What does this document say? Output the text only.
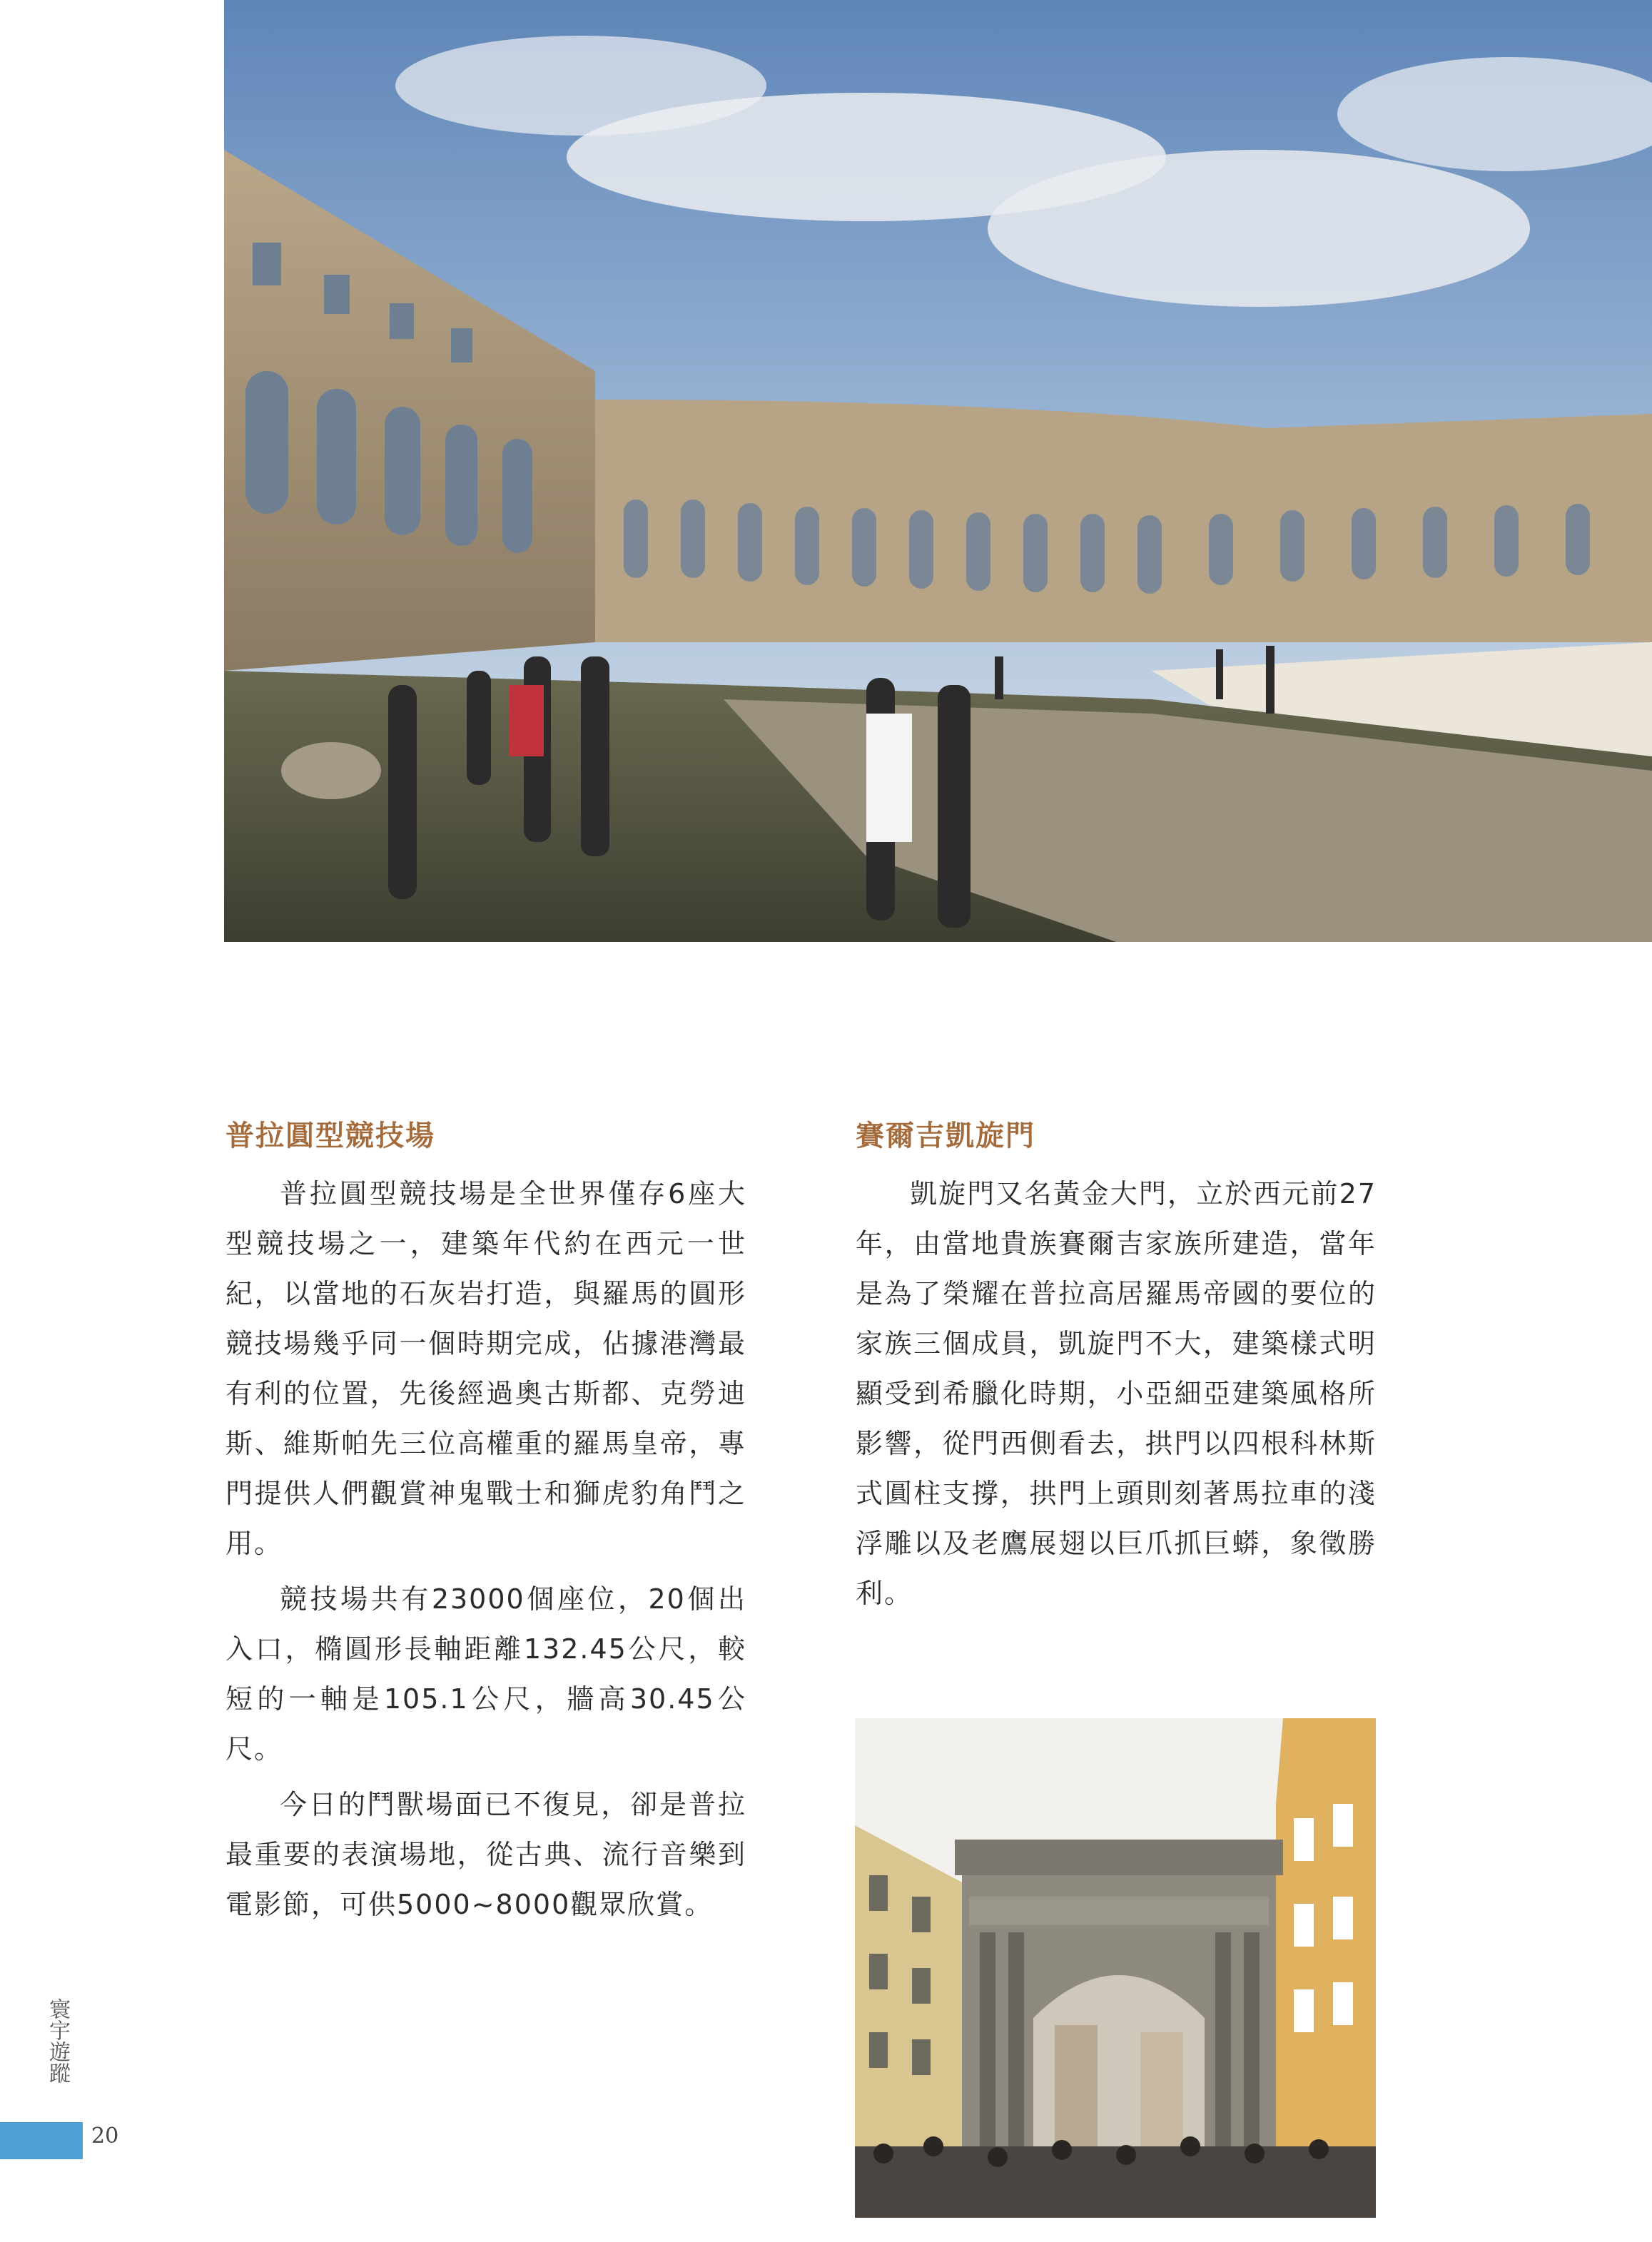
普拉圓型競技場

普拉圓型競技場是全世界僅存6座大型競技場之一，建築年代約在西元一世紀，以當地的石灰岩打造，與羅馬的圓形競技場幾乎同一個時期完成，佔據港灣最有利的位置，先後經過奧古斯都、克勞迪斯、維斯帕先三位高權重的羅馬皇帝，專門提供人們觀賞神鬼戰士和獅虎豹角鬥之用。

競技場共有23000個座位，20個出入口，橢圓形長軸距離132.45公尺，較短的一軸是105.1公尺，牆高30.45公尺。

今日的鬥獸場面已不復見，卻是普拉最重要的表演場地，從古典、流行音樂到電影節，可供5000~8000觀眾欣賞。

賽爾吉凱旋門

凱旋門又名黃金大門，立於西元前27年，由當地貴族賽爾吉家族所建造，當年是為了榮耀在普拉高居羅馬帝國的要位的家族三個成員，凱旋門不大，建築樣式明顯受到希臘化時期，小亞細亞建築風格所影響，從門西側看去，拱門以四根科林斯式圓柱支撐，拱門上頭則刻著馬拉車的淺浮雕以及老鷹展翅以巨爪抓巨蟒，象徵勝利。

寰宇遊蹤
20
